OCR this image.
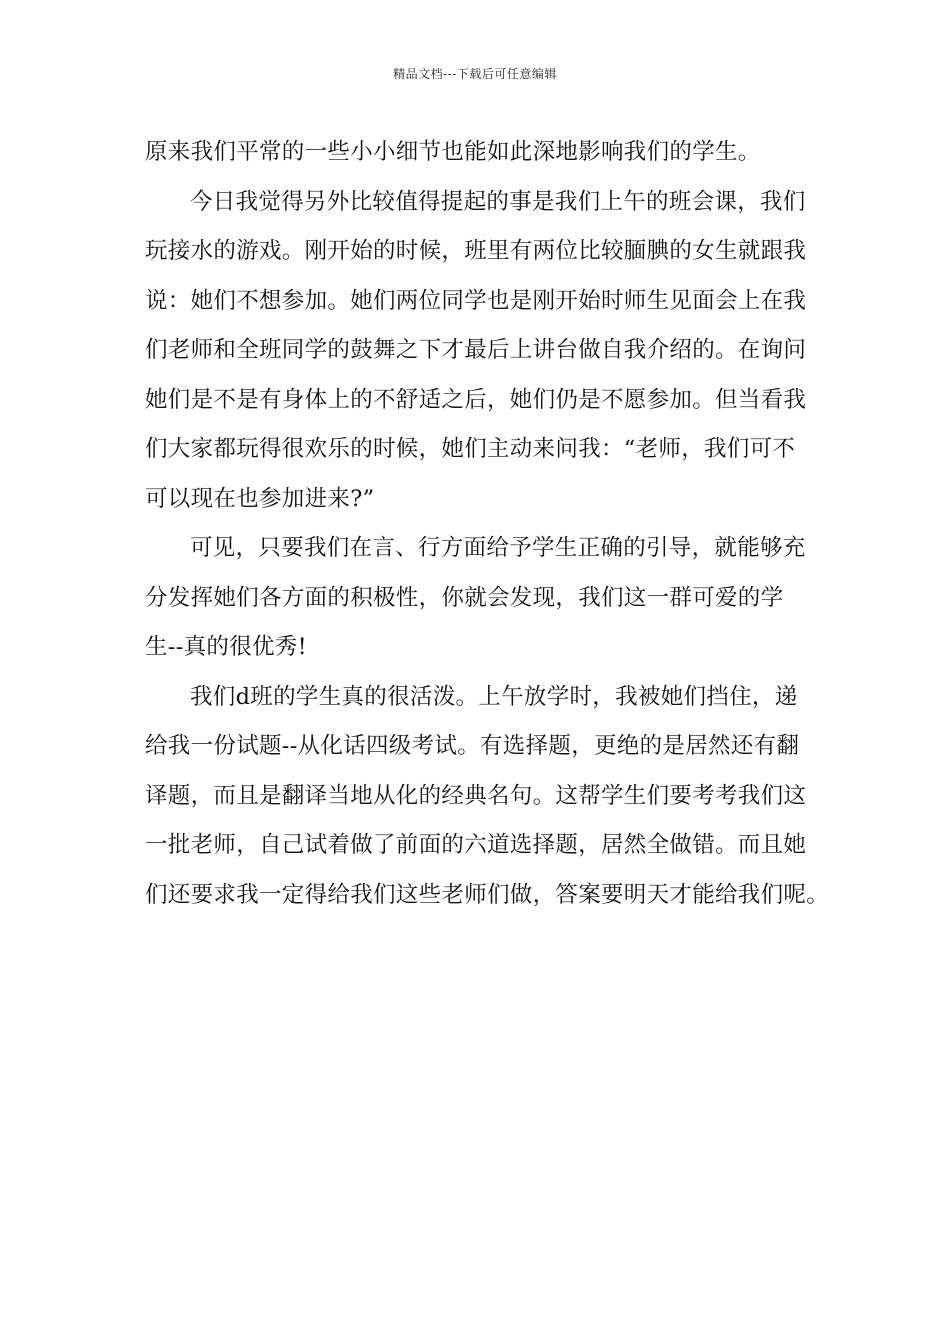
精品文档---下载后可任意编辑
原来我们平常的一些小小细节也能如此深地影响我们的学生。
今日我觉得另外比较值得提起的事是我们上午的班会课，我们
玩接水的游戏。刚开始的时候，班里有两位比较腼腆的女生就跟我
说：她们不想参加。她们两位同学也是刚开始时师生见面会上在我
们老师和全班同学的鼓舞之下才最后上讲台做自我介绍的。在询问
她们是不是有身体上的不舒适之后，她们仍是不愿参加。但当看我
们大家都玩得很欢乐的时候，她们主动来问我：“老师，我们可不
可以现在也参加进来?”
可见，只要我们在言、行方面给予学生正确的引导，就能够充
分发挥她们各方面的积极性，你就会发现，我们这一群可爱的学
生--真的很优秀!
我们d班的学生真的很活泼。上午放学时，我被她们挡住，递
给我一份试题--从化话四级考试。有选择题，更绝的是居然还有翻
译题，而且是翻译当地从化的经典名句。这帮学生们要考考我们这
一批老师，自己试着做了前面的六道选择题，居然全做错。而且她
们还要求我一定得给我们这些老师们做，答案要明天才能给我们呢。
